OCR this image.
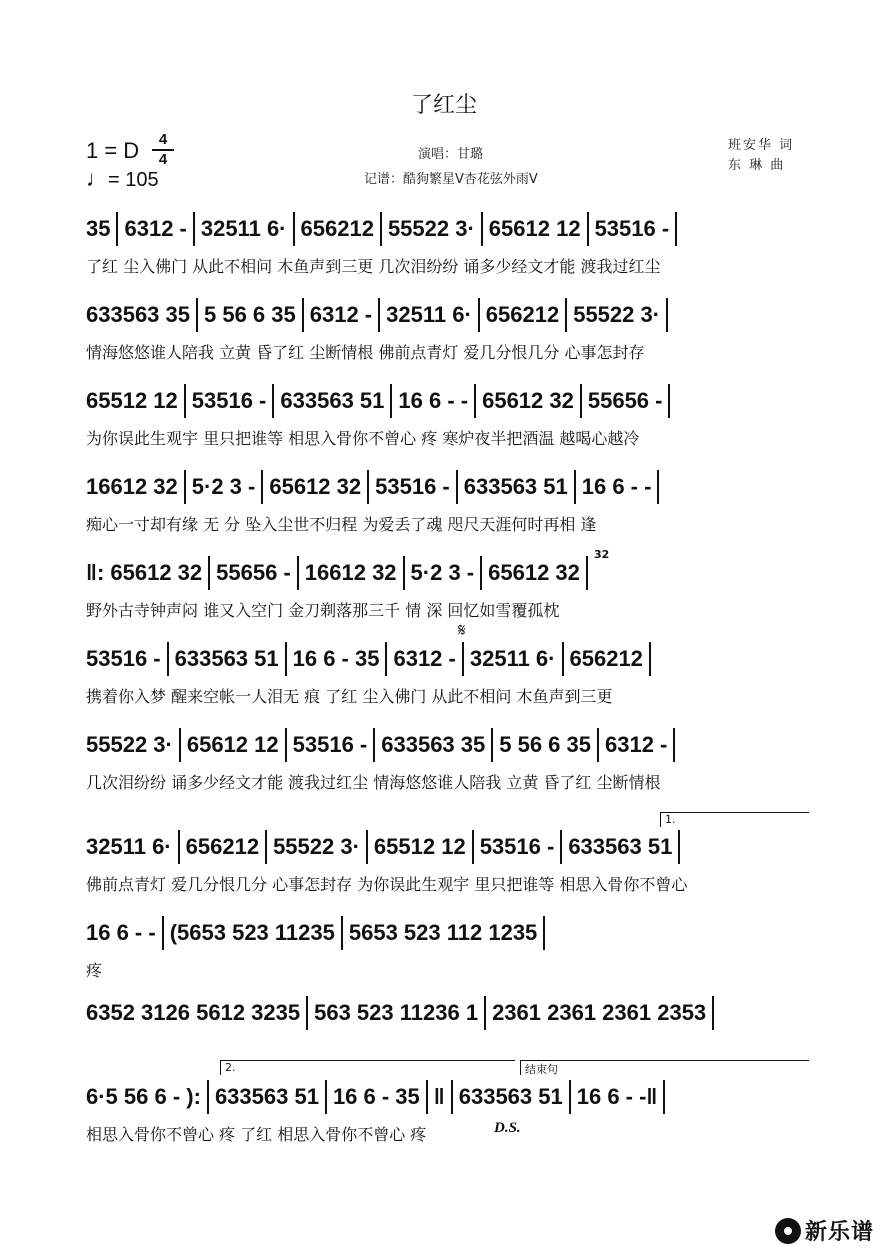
了红尘
1 = D	4
4
♩= 105
演唱：甘璐
记谱：酷狗繁星V杏花弦外雨V
班安华 词
东 琳 曲
35 6312 - 32511 6· 656212 55522 3· 65612 12 53516 -
了红 尘入佛门 从此不相问 木鱼声到三更 几次泪纷纷 诵多少经文才能 渡我过红尘
633563 35 5 56 6 35 6312 - 32511 6· 656212 55522 3·
情海悠悠谁人陪我 立黄 昏了红 尘断情根 佛前点青灯 爱几分恨几分 心事怎封存
65512 12 53516 - 633563 51 16 6 - - 65612 32 55656 -
为你误此生观宇 里只把谁等 相思入骨你不曾心 疼 寒炉夜半把酒温 越喝心越冷
16612 32 5·2 3 - 65612 32 53516 - 633563 51 16 6 - -
痴心一寸却有缘 无 分 坠入尘世不归程 为爱丢了魂 咫尺天涯何时再相 逢
‖: 65612 32 55656 - 16612 32 5·2 3 - 65612 32
野外古寺钟声闷 谁又入空门 金刀剃落那三千 情 深 回忆如雪覆孤枕
53516 - 633563 51 16 6 - 35 6312 - 32511 6· 656212
携着你入梦 醒来空帐一人泪无 痕 了红 尘入佛门 从此不相问 木鱼声到三更
55522 3· 65612 12 53516 - 633563 35 5 56 6 35 6312 -
几次泪纷纷 诵多少经文才能 渡我过红尘 情海悠悠谁人陪我 立黄 昏了红 尘断情根
32511 6· 656212 55522 3· 65512 12 53516 - 633563 51
佛前点青灯 爱几分恨几分 心事怎封存 为你误此生观宇 里只把谁等 相思入骨你不曾心
16 6 - - (5653 523 11235 5653 523 112 1235
疼
6352 3126 5612 3235 563 523 11236 1 2361 2361 2361 2353
6·5 56 6 - ): 633563 51 16 6 - 35 ‖ 633563 51 16 6 - -‖
相思入骨你不曾心 疼 了红 相思入骨你不曾心 疼
32
𝄋
1.
2.	结束句
D.S.
新乐谱
